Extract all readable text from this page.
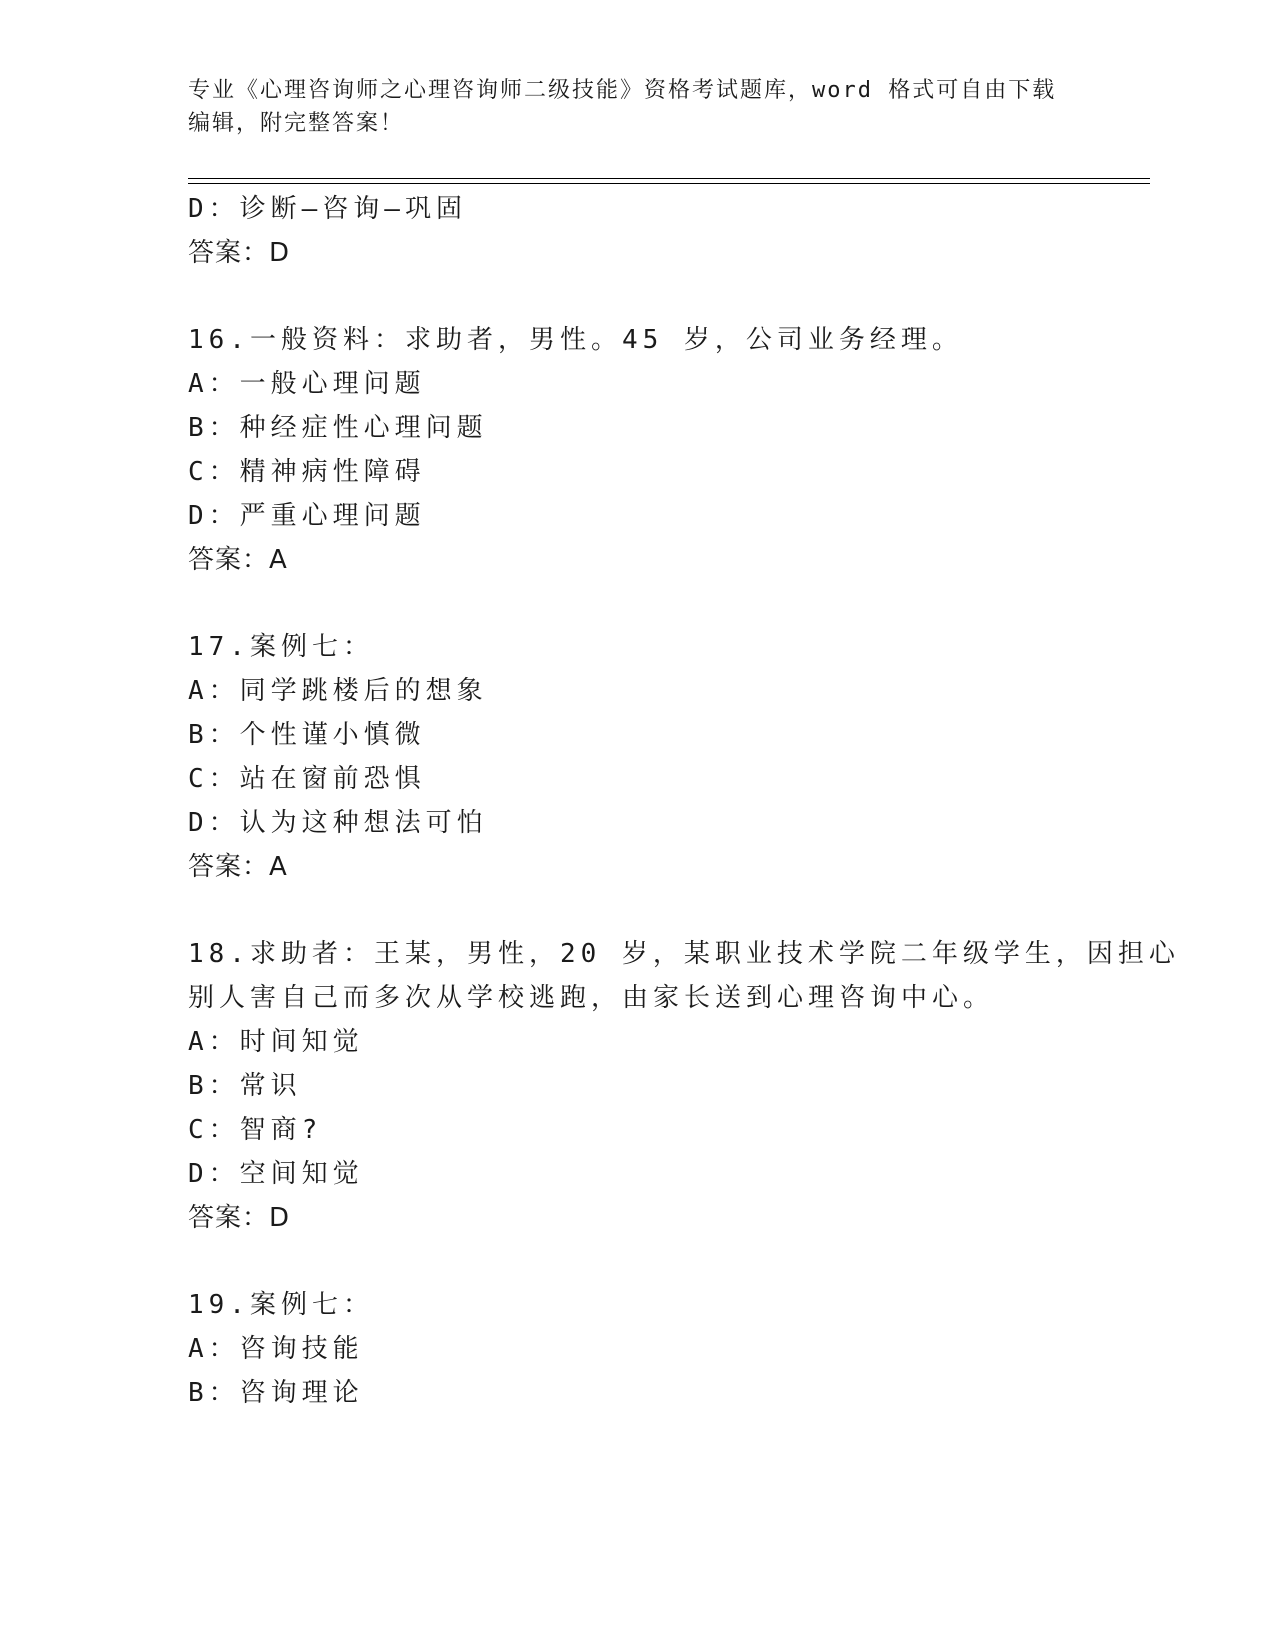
专业《心理咨询师之心理咨询师二级技能》资格考试题库，word 格式可自由下载
编辑，附完整答案！
D：诊断—咨询—巩固
答案：D
16.一般资料：求助者，男性。45 岁，公司业务经理。
A：一般心理问题
B：种经症性心理问题
C：精神病性障碍
D：严重心理问题
答案：A
17.案例七：
A：同学跳楼后的想象
B：个性谨小慎微
C：站在窗前恐惧
D：认为这种想法可怕
答案：A
18.求助者：王某，男性，20 岁，某职业技术学院二年级学生，因担心
别人害自己而多次从学校逃跑，由家长送到心理咨询中心。
A：时间知觉
B：常识
C：智商?
D：空间知觉
答案：D
19.案例七：
A：咨询技能
B：咨询理论
